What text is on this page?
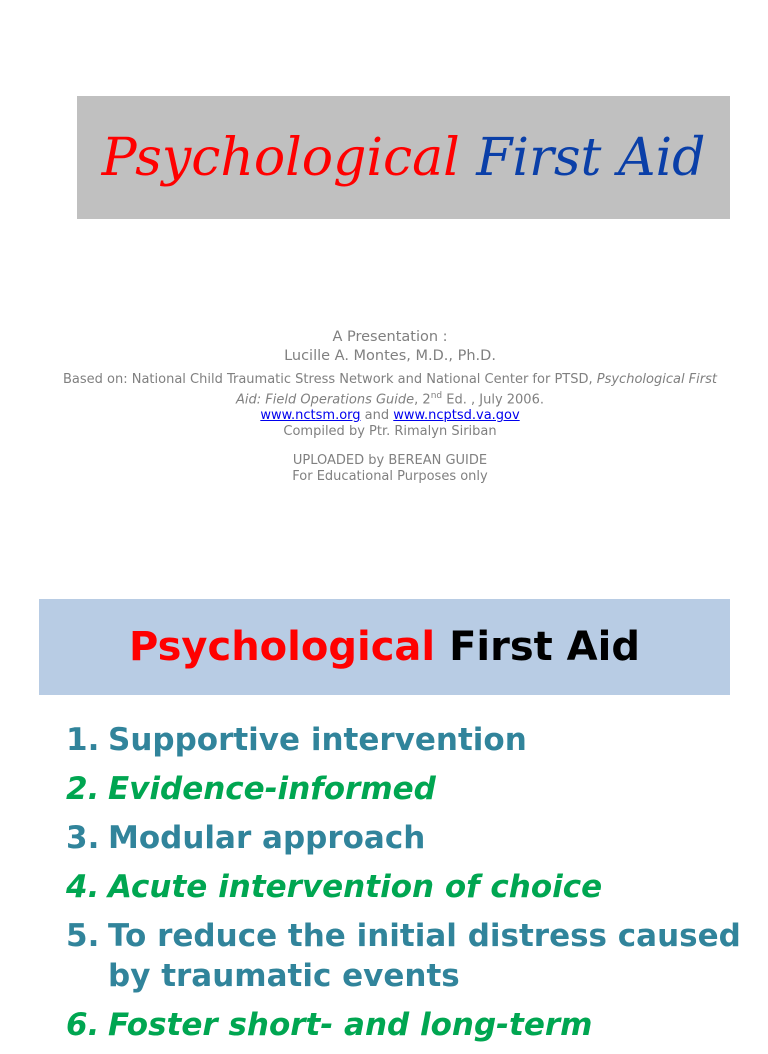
Psychological First Aid
A Presentation :
Lucille A. Montes, M.D., Ph.D.
Based on: National Child Traumatic Stress Network and National Center for PTSD, Psychological First Aid: Field Operations Guide, 2nd Ed. , July 2006.
www.nctsm.org and www.ncptsd.va.gov
Compiled by Ptr. Rimalyn Siriban
UPLOADED by BEREAN GUIDE
For Educational Purposes only
Psychological First Aid
1. Supportive intervention
2. Evidence-informed
3. Modular approach
4. Acute intervention of choice
5. To reduce the initial distress caused by traumatic events
6. Foster short- and long-term
